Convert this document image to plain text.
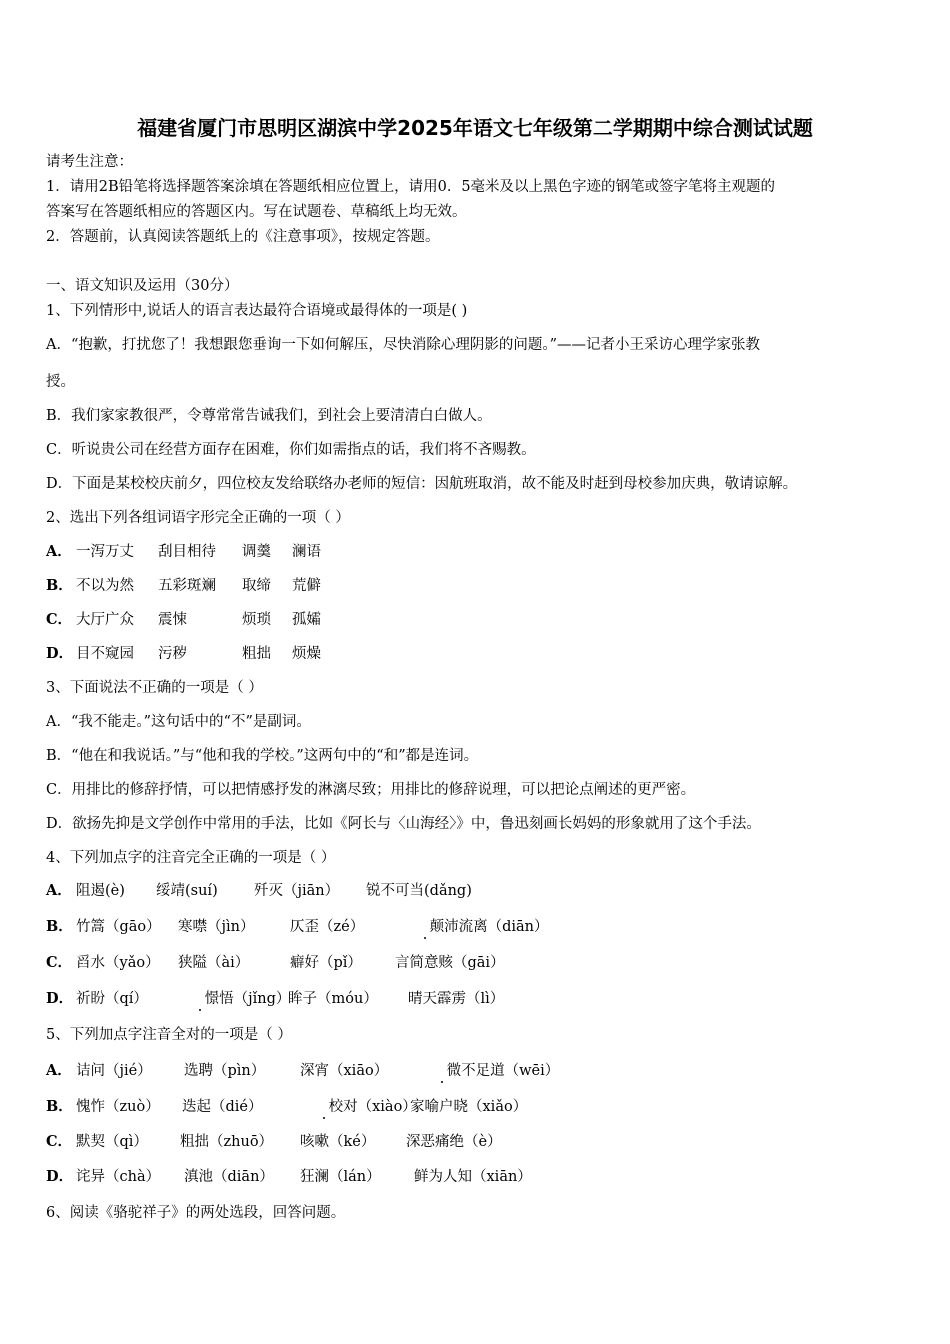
福建省厦门市思明区湖滨中学2025年语文七年级第二学期期中综合测试试题
请考生注意：
1．请用2B铅笔将选择题答案涂填在答题纸相应位置上，请用0．5毫米及以上黑色字迹的钢笔或签字笔将主观题的
答案写在答题纸相应的答题区内。写在试题卷、草稿纸上均无效。
2．答题前，认真阅读答题纸上的《注意事项》，按规定答题。
一、语文知识及运用（30分）
1、下列情形中,说话人的语言表达最符合语境或最得体的一项是( )
A．“抱歉，打扰您了！我想跟您垂询一下如何解压，尽快消除心理阴影的问题。”——记者小王采访心理学家张教
授。
B．我们家家教很严，令尊常常告诫我们，到社会上要清清白白做人。
C．听说贵公司在经营方面存在困难，你们如需指点的话，我们将不吝赐教。
D．下面是某校校庆前夕，四位校友发给联络办老师的短信：因航班取消，故不能及时赶到母校参加庆典，敬请谅解。
2、选出下列各组词语字形完全正确的一项（ ）
A． 一泻万丈 刮目相待 调羹 澜语
B． 不以为然 五彩斑斓 取缔 荒僻
C． 大厅广众 震悚	烦琐 孤孀
D． 目不窥园 污秽	粗拙 烦燥
3、下面说法不正确的一项是（ ）
A．“我不能走。”这句话中的“不”是副词。
B．“他在和我说话。”与“他和我的学校。”这两句中的“和”都是连词。
C．用排比的修辞抒情，可以把情感抒发的淋漓尽致；用排比的修辞说理，可以把论点阐述的更严密。
D．欲扬先抑是文学创作中常用的手法，比如《阿长与〈山海经〉》中，鲁迅刻画长妈妈的形象就用了这个手法。
4、下列加点字的注音完全正确的一项是（ ）
A． 阻遏(è) 绥靖(suí)	歼灭（jiān） 锐不可当(dǎng)
B． 竹篙（gāo） 寒噤（jìn） 仄歪（zé）	颠沛流离（diān）
C． 舀水（yǎo） 狭隘（ài）	癖好（pǐ） 言简意赅（gāi）
D． 祈盼（qí）	憬悟（jǐng）
眸子（móu） 晴天霹雳（lì）
5、下列加点字注音全对的一项是（ ）
A． 诘问（jié） 选聘（pìn） 深宵（xiāo）	微不足道（wēi）
B． 愧怍（zuò） 迭起（dié）	校对（xiào）
家喻户晓（xiǎo）
C． 默契（qì） 粗拙（zhuō） 咳嗽（ké） 深恶痛绝（è）
D． 诧异（chà） 滇池（diān） 狂澜（lán） 鲜为人知（xiān）
6、阅读《骆驼祥子》的两处选段，回答问题。
